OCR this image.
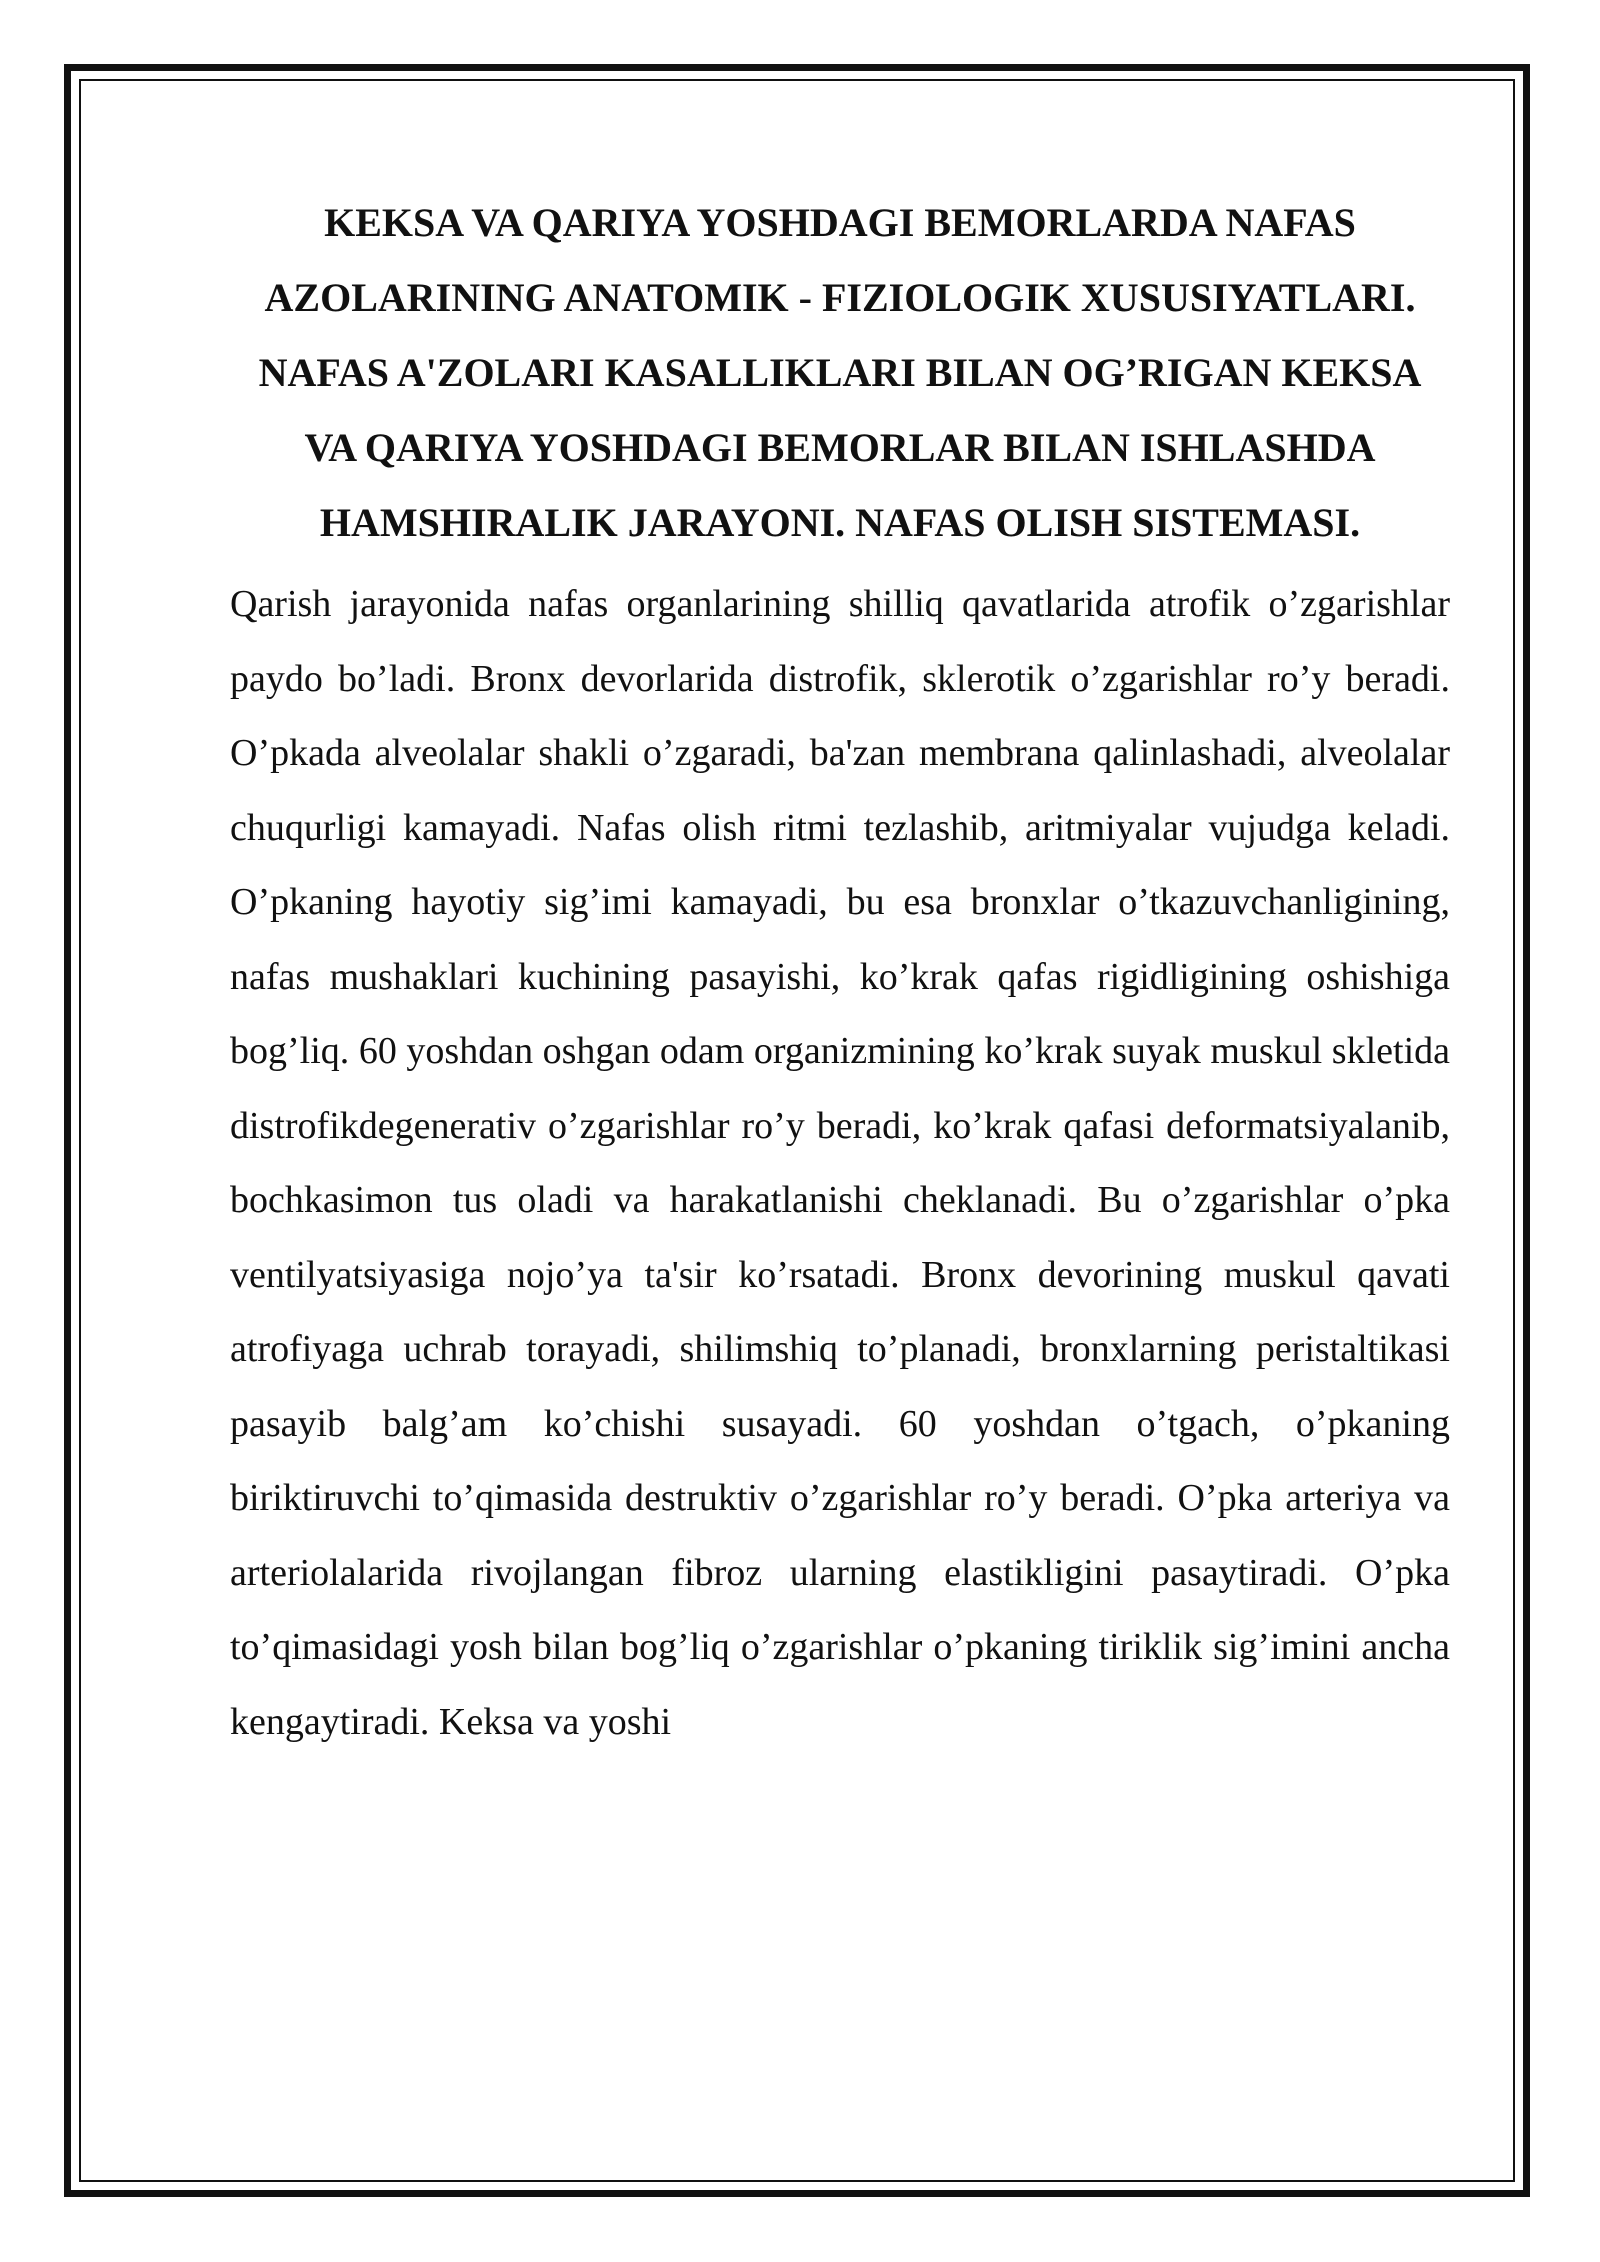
KEKSA VA QARIYA YOSHDAGI BEMORLARDA NAFAS AZOLARINING ANATOMIK - FIZIOLOGIK XUSUSIYATLARI. NAFAS A'ZOLARI KASALLIKLARI BILAN OG’RIGAN KEKSA VA QARIYA YOSHDAGI BEMORLAR BILAN ISHLASHDA HAMSHIRALIK JARAYONI. NAFAS OLISH SISTEMASI.

Qarish jarayonida nafas organlarining shilliq qavatlarida atrofik o’zgarishlar paydo bo’ladi. Bronx devorlarida distrofik, sklerotik o’zgarishlar ro’y beradi. O’pkada alveolalar shakli o’zgaradi, ba'zan membrana qalinlashadi, alveolalar chuqurligi kamayadi. Nafas olish ritmi tezlashib, aritmiyalar vujudga keladi. O’pkaning hayotiy sig’imi kamayadi, bu esa bronxlar o’tkazuvchanligining, nafas mushaklari kuchining pasayishi, ko’krak qafas rigidligining oshishiga bog’liq. 60 yoshdan oshgan odam organizmining ko’krak suyak muskul skletida distrofikdegenerativ o’zgarishlar ro’y beradi, ko’krak qafasi deformatsiyalanib, bochkasimon tus oladi va harakatlanishi cheklanadi. Bu o’zgarishlar o’pka ventilyatsiyasiga nojo’ya ta'sir ko’rsatadi. Bronx devorining muskul qavati atrofiyaga uchrab torayadi, shilimshiq to’planadi, bronxlarning peristaltikasi pasayib balg’am ko’chishi susayadi. 60 yoshdan o’tgach, o’pkaning biriktiruvchi to’qimasida destruktiv o’zgarishlar ro’y beradi. O’pka arteriya va arteriolalarida rivojlangan fibroz ularning elastikligini pasaytiradi. O’pka to’qimasidagi yosh bilan bog’liq o’zgarishlar o’pkaning tiriklik sig’imini ancha kengaytiradi. Keksa va yoshi
